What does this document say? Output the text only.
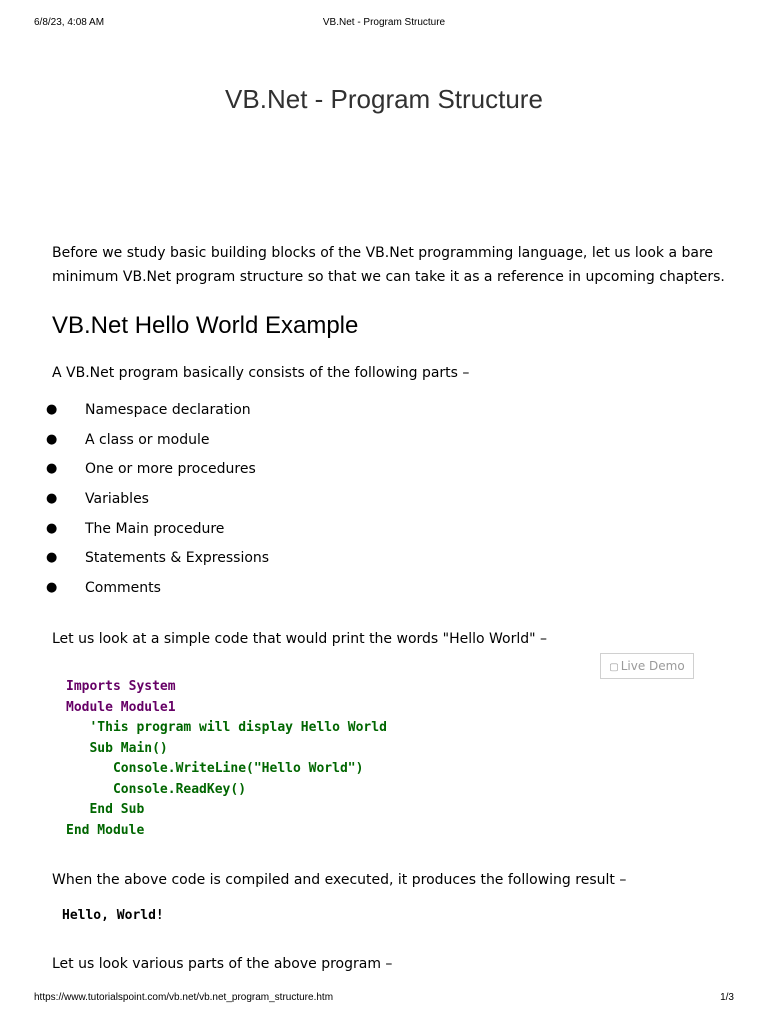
6/8/23, 4:08 AM	VB.Net - Program Structure
VB.Net - Program Structure

Before we study basic building blocks of the VB.Net programming language, let us look a bare minimum VB.Net program structure so that we can take it as a reference in upcoming chapters.

VB.Net Hello World Example

A VB.Net program basically consists of the following parts –

● Namespace declaration
● A class or module
● One or more procedures
● Variables
● The Main procedure
● Statements & Expressions
● Comments

Let us look at a simple code that would print the words "Hello World" –

▢ Live Demo
Imports System
Module Module1
'This program will display Hello World
Sub Main()
Console.WriteLine("Hello World")
Console.ReadKey()
End Sub
End Module

When the above code is compiled and executed, it produces the following result –

Hello, World!

Let us look various parts of the above program –

https://www.tutorialspoint.com/vb.net/vb.net_program_structure.htm	1/3
